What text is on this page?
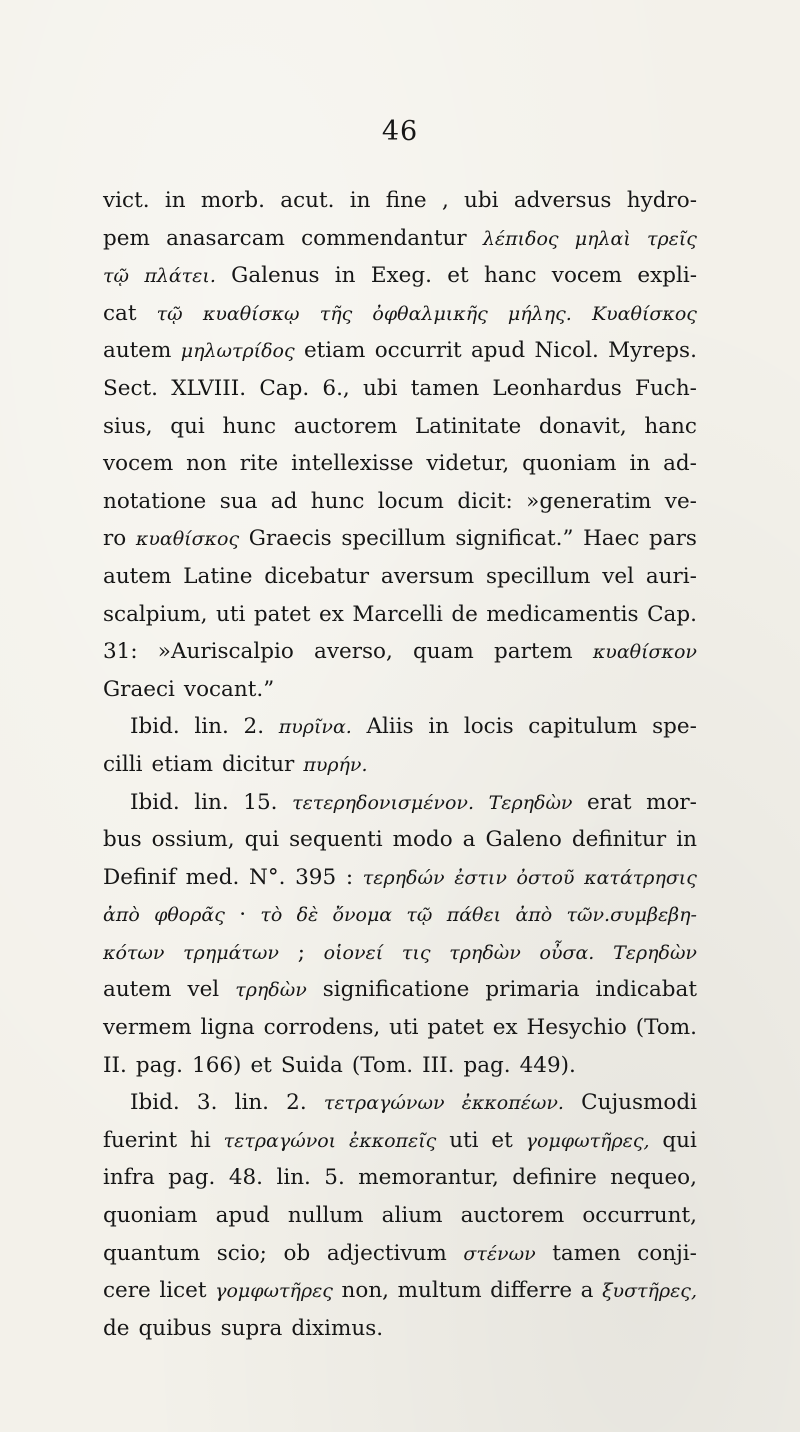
46
vict. in morb. acut. in fine , ubi adversus hydro-
pem anasarcam commendantur λέπιδος μηλαὶ τρεῖς
τῷ πλάτει. Galenus in Exeg. et hanc vocem expli-
cat τῷ κυαθίσκῳ τῆς ὀφθαλμικῆς μήλης. Κυαθίσκος
autem μηλωτρίδος etiam occurrit apud Nicol. Myreps.
Sect. XLVIII. Cap. 6., ubi tamen Leonhardus Fuch-
sius, qui hunc auctorem Latinitate donavit, hanc
vocem non rite intellexisse videtur, quoniam in ad-
notatione sua ad hunc locum dicit: »generatim ve-
ro κυαθίσκος Graecis specillum significat.” Haec pars
autem Latine dicebatur aversum specillum vel auri-
scalpium, uti patet ex Marcelli de medicamentis Cap.
31: »Auriscalpio averso, quam partem κυαθίσκον
Graeci vocant.”
Ibid. lin. 2. πυρῖνα. Aliis in locis capitulum spe-
cilli etiam dicitur πυρήν.
Ibid. lin. 15. τετερηδονισμένον. Τερηδὼν erat mor-
bus ossium, qui sequenti modo a Galeno definitur in
Definif med. N°. 395 : τερηδών ἐστιν ὀστοῦ κατάτρησις
ἀπὸ φθορᾶς · τὸ δὲ ὄνομα τῷ πάθει ἀπὸ τῶν.συμβεβη-
κότων τρημάτων ; οἱονεί τις τρηδὼν οὖσα. Τερηδὼν
autem vel τρηδὼν significatione primaria indicabat
vermem ligna corrodens, uti patet ex Hesychio (Tom.
II. pag. 166) et Suida (Tom. III. pag. 449).
Ibid. 3. lin. 2. τετραγώνων ἐκκοπέων. Cujusmodi
fuerint hi τετραγώνοι ἐκκοπεῖς uti et γομφωτῆρες, qui
infra pag. 48. lin. 5. memorantur, definire nequeo,
quoniam apud nullum alium auctorem occurrunt,
quantum scio; ob adjectivum στένων tamen conji-
cere licet γομφωτῆρες non, multum differre a ξυστῆρες,
de quibus supra diximus.
